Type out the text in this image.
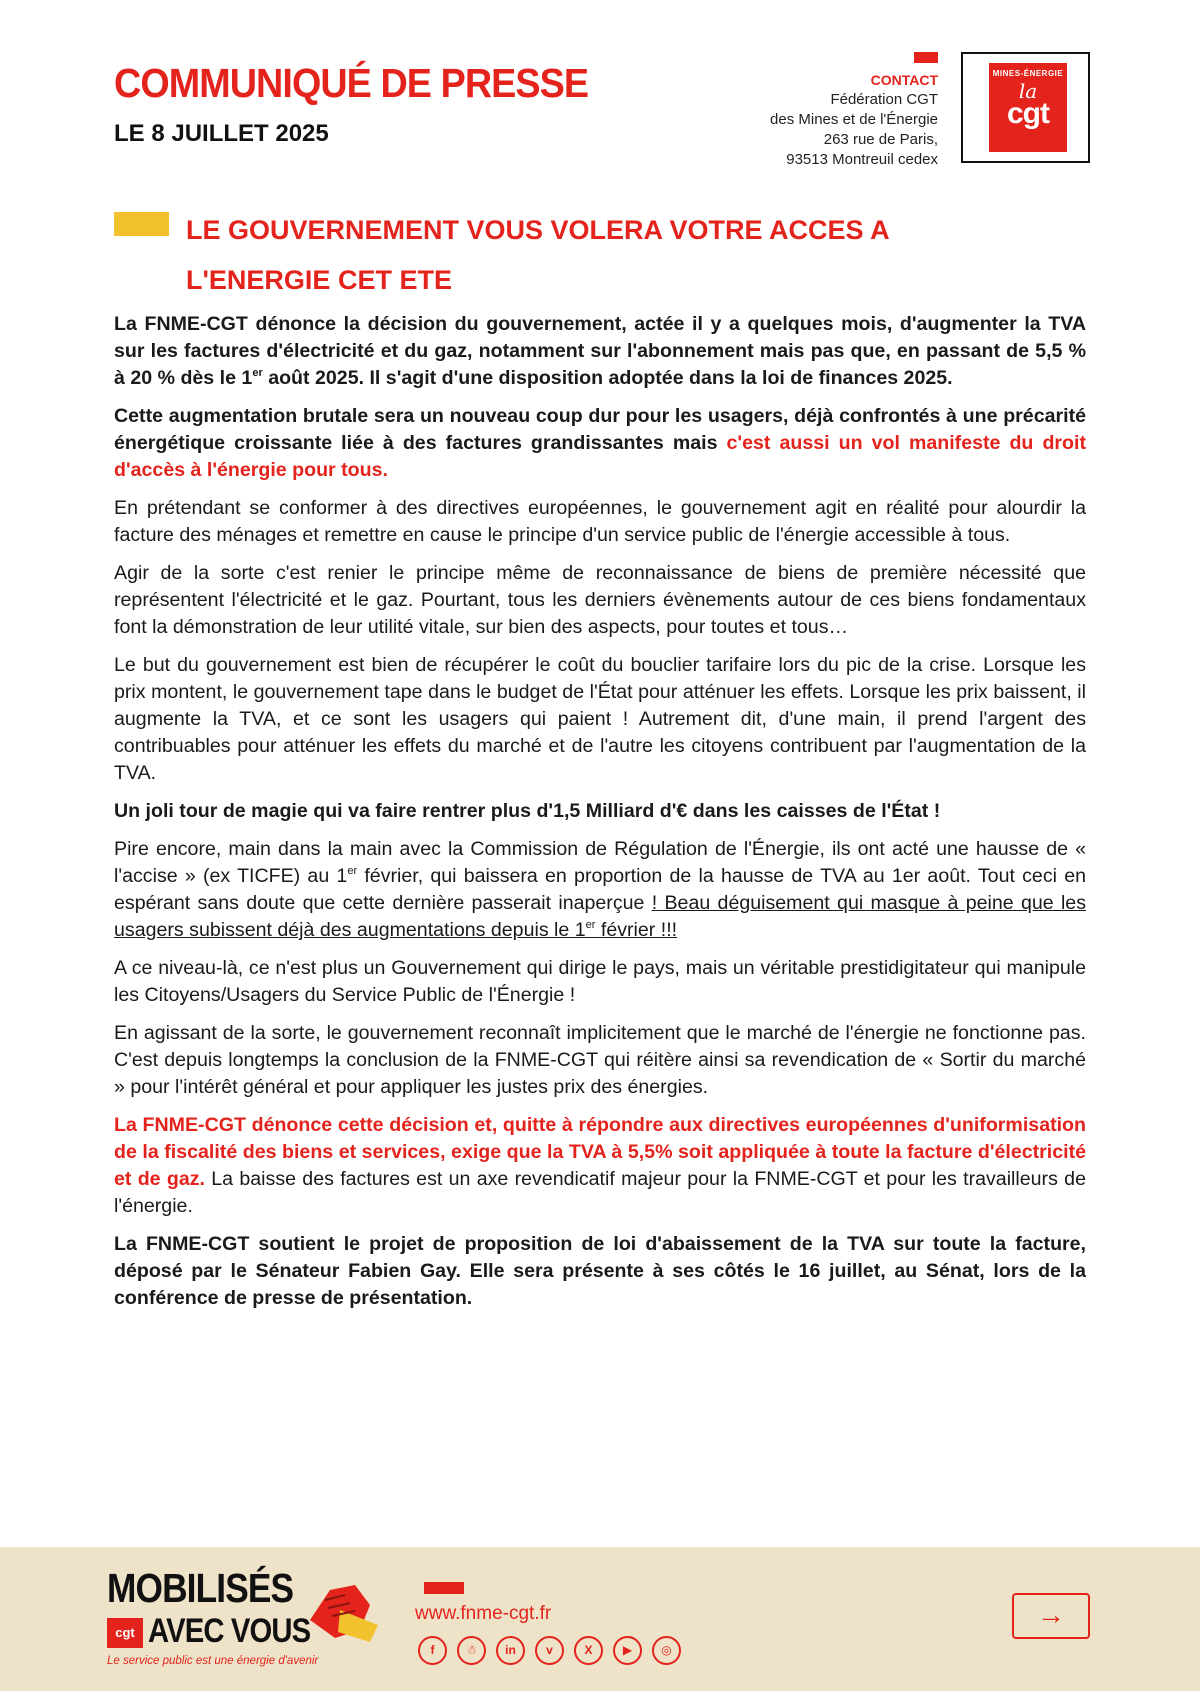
COMMUNIQUÉ DE PRESSE
LE 8 JUILLET 2025
CONTACT
Fédération CGT
des Mines et de l'Énergie
263 rue de Paris,
93513 Montreuil cedex
MINES-ÉNERGIE
la
cgt
LE GOUVERNEMENT VOUS VOLERA VOTRE ACCES A
L'ENERGIE CET ETE

La FNME-CGT dénonce la décision du gouvernement, actée il y a quelques mois, d'augmenter la TVA sur les factures d'électricité et du gaz, notamment sur l'abonnement mais pas que, en passant de 5,5 % à 20 % dès le 1er août 2025. Il s'agit d'une disposition adoptée dans la loi de finances 2025.

Cette augmentation brutale sera un nouveau coup dur pour les usagers, déjà confrontés à une précarité énergétique croissante liée à des factures grandissantes mais c'est aussi un vol manifeste du droit d'accès à l'énergie pour tous.

En prétendant se conformer à des directives européennes, le gouvernement agit en réalité pour alourdir la facture des ménages et remettre en cause le principe d'un service public de l'énergie accessible à tous.

Agir de la sorte c'est renier le principe même de reconnaissance de biens de première nécessité que représentent l'électricité et le gaz. Pourtant, tous les derniers évènements autour de ces biens fondamentaux font la démonstration de leur utilité vitale, sur bien des aspects, pour toutes et tous…

Le but du gouvernement est bien de récupérer le coût du bouclier tarifaire lors du pic de la crise. Lorsque les prix montent, le gouvernement tape dans le budget de l'État pour atténuer les effets. Lorsque les prix baissent, il augmente la TVA, et ce sont les usagers qui paient ! Autrement dit, d'une main, il prend l'argent des contribuables pour atténuer les effets du marché et de l'autre les citoyens contribuent par l'augmentation de la TVA.

Un joli tour de magie qui va faire rentrer plus d'1,5 Milliard d'€ dans les caisses de l'État !

Pire encore, main dans la main avec la Commission de Régulation de l'Énergie, ils ont acté une hausse de « l'accise » (ex TICFE) au 1er février, qui baissera en proportion de la hausse de TVA au 1er août. Tout ceci en espérant sans doute que cette dernière passerait inaperçue ! Beau déguisement qui masque à peine que les usagers subissent déjà des augmentations depuis le 1er février !!!

A ce niveau-là, ce n'est plus un Gouvernement qui dirige le pays, mais un véritable prestidigitateur qui manipule les Citoyens/Usagers du Service Public de l'Énergie !

En agissant de la sorte, le gouvernement reconnaît implicitement que le marché de l'énergie ne fonctionne pas. C'est depuis longtemps la conclusion de la FNME-CGT qui réitère ainsi sa revendication de « Sortir du marché » pour l'intérêt général et pour appliquer les justes prix des énergies.

La FNME-CGT dénonce cette décision et, quitte à répondre aux directives européennes d'uniformisation de la fiscalité des biens et services, exige que la TVA à 5,5% soit appliquée à toute la facture d'électricité et de gaz. La baisse des factures est un axe revendicatif majeur pour la FNME-CGT et pour les travailleurs de l'énergie.

La FNME-CGT soutient le projet de proposition de loi d'abaissement de la TVA sur toute la facture, déposé par le Sénateur Fabien Gay. Elle sera présente à ses côtés le 16 juillet, au Sénat, lors de la conférence de presse de présentation.

MOBILISÉS
cgt AVEC VOUS
Le service public est une énergie d'avenir
www.fnme-cgt.fr
f	☃	in	v	X	▶	◎
→
